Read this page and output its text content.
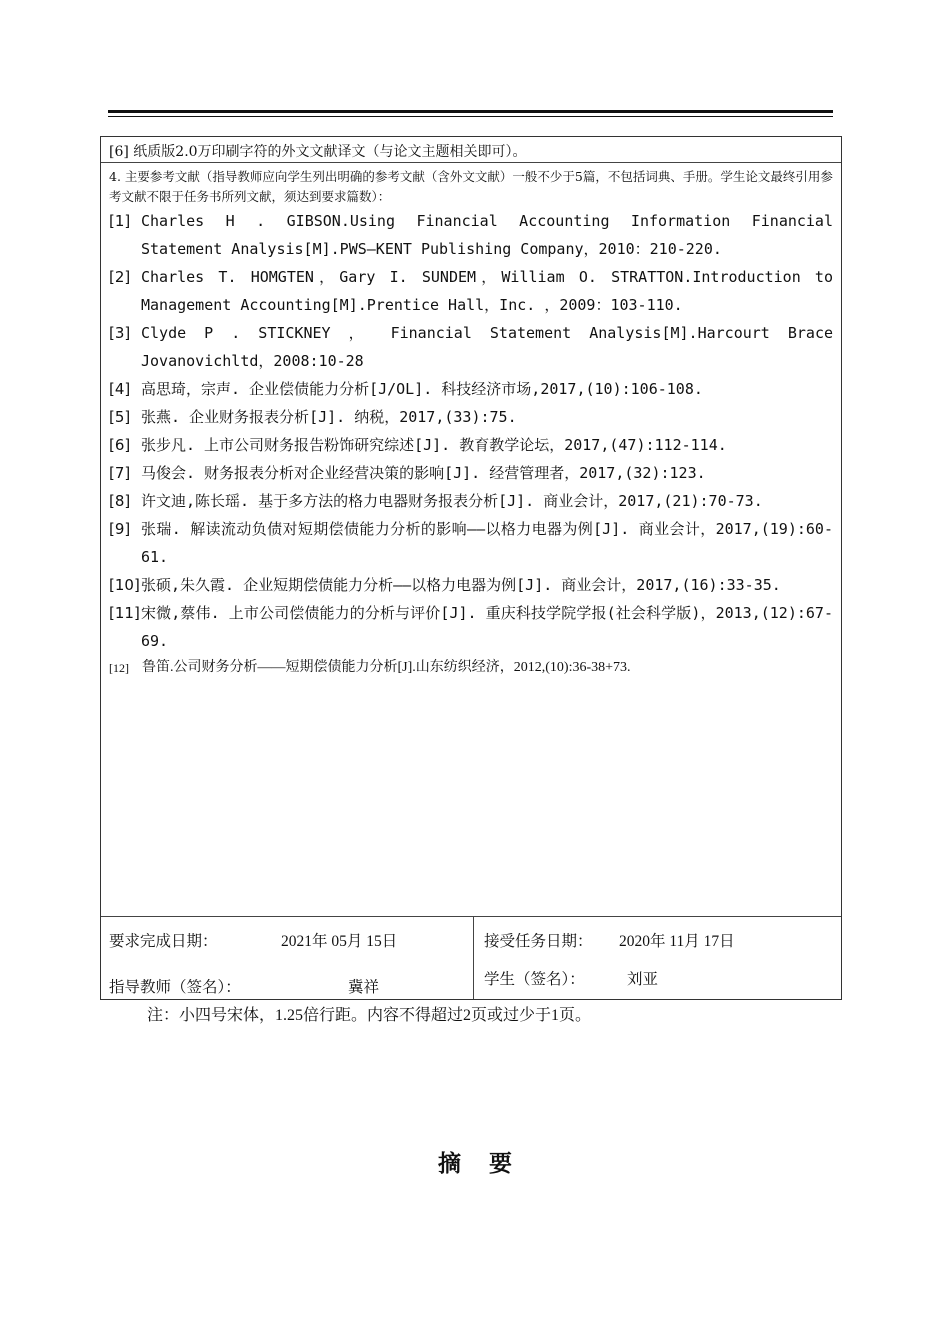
[6] 纸质版2.0万印刷字符的外文文献译文（与论文主题相关即可）。
4. 主要参考文献（指导教师应向学生列出明确的参考文献（含外文文献）一般不少于5篇，不包括词典、手册。学生论文最终引用参考文献不限于任务书所列文献，须达到要求篇数）：
[1] Charles H . GIBSON.Using Financial Accounting Information Financial Statement Analysis[M].PWS—KENT Publishing Company，2010：210-220.
[2] Charles T. HOMGTEN，Gary I. SUNDEM，William O. STRATTON.Introduction to Management Accounting[M].Prentice Hall，Inc. ，2009：103-110.
[3] Clyde P . STICKNEY ， Financial Statement Analysis[M].Harcourt Brace Jovanovichltd，2008:10-28
[4] 高思琦，宗声. 企业偿债能力分析[J/OL]. 科技经济市场,2017,(10):106-108.
[5] 张燕. 企业财务报表分析[J]. 纳税，2017,(33):75.
[6] 张步凡. 上市公司财务报告粉饰研究综述[J]. 教育教学论坛，2017,(47):112-114.
[7] 马俊会. 财务报表分析对企业经营决策的影响[J]. 经营管理者，2017,(32):123.
[8] 许文迪,陈长瑶. 基于多方法的格力电器财务报表分析[J]. 商业会计，2017,(21):70-73.
[9] 张瑞. 解读流动负债对短期偿债能力分析的影响——以格力电器为例[J]. 商业会计，2017,(19):60-61.
[10] 张硕,朱久霞. 企业短期偿债能力分析——以格力电器为例[J]. 商业会计，2017,(16):33-35.
[11] 宋微,蔡伟. 上市公司偿债能力的分析与评价[J]. 重庆科技学院学报(社会科学版)，2013,(12):67-69.
[12] 鲁笛.公司财务分析——短期偿债能力分析[J].山东纺织经济，2012,(10):36-38+73.
要求完成日期：	2021年 05月 15日	接受任务日期： 2020年 11月 17日
指导教师（签名）：	冀祥	学生（签名）：	刘亚
注：小四号宋体，1.25倍行距。内容不得超过2页或过少于1页。
摘要
